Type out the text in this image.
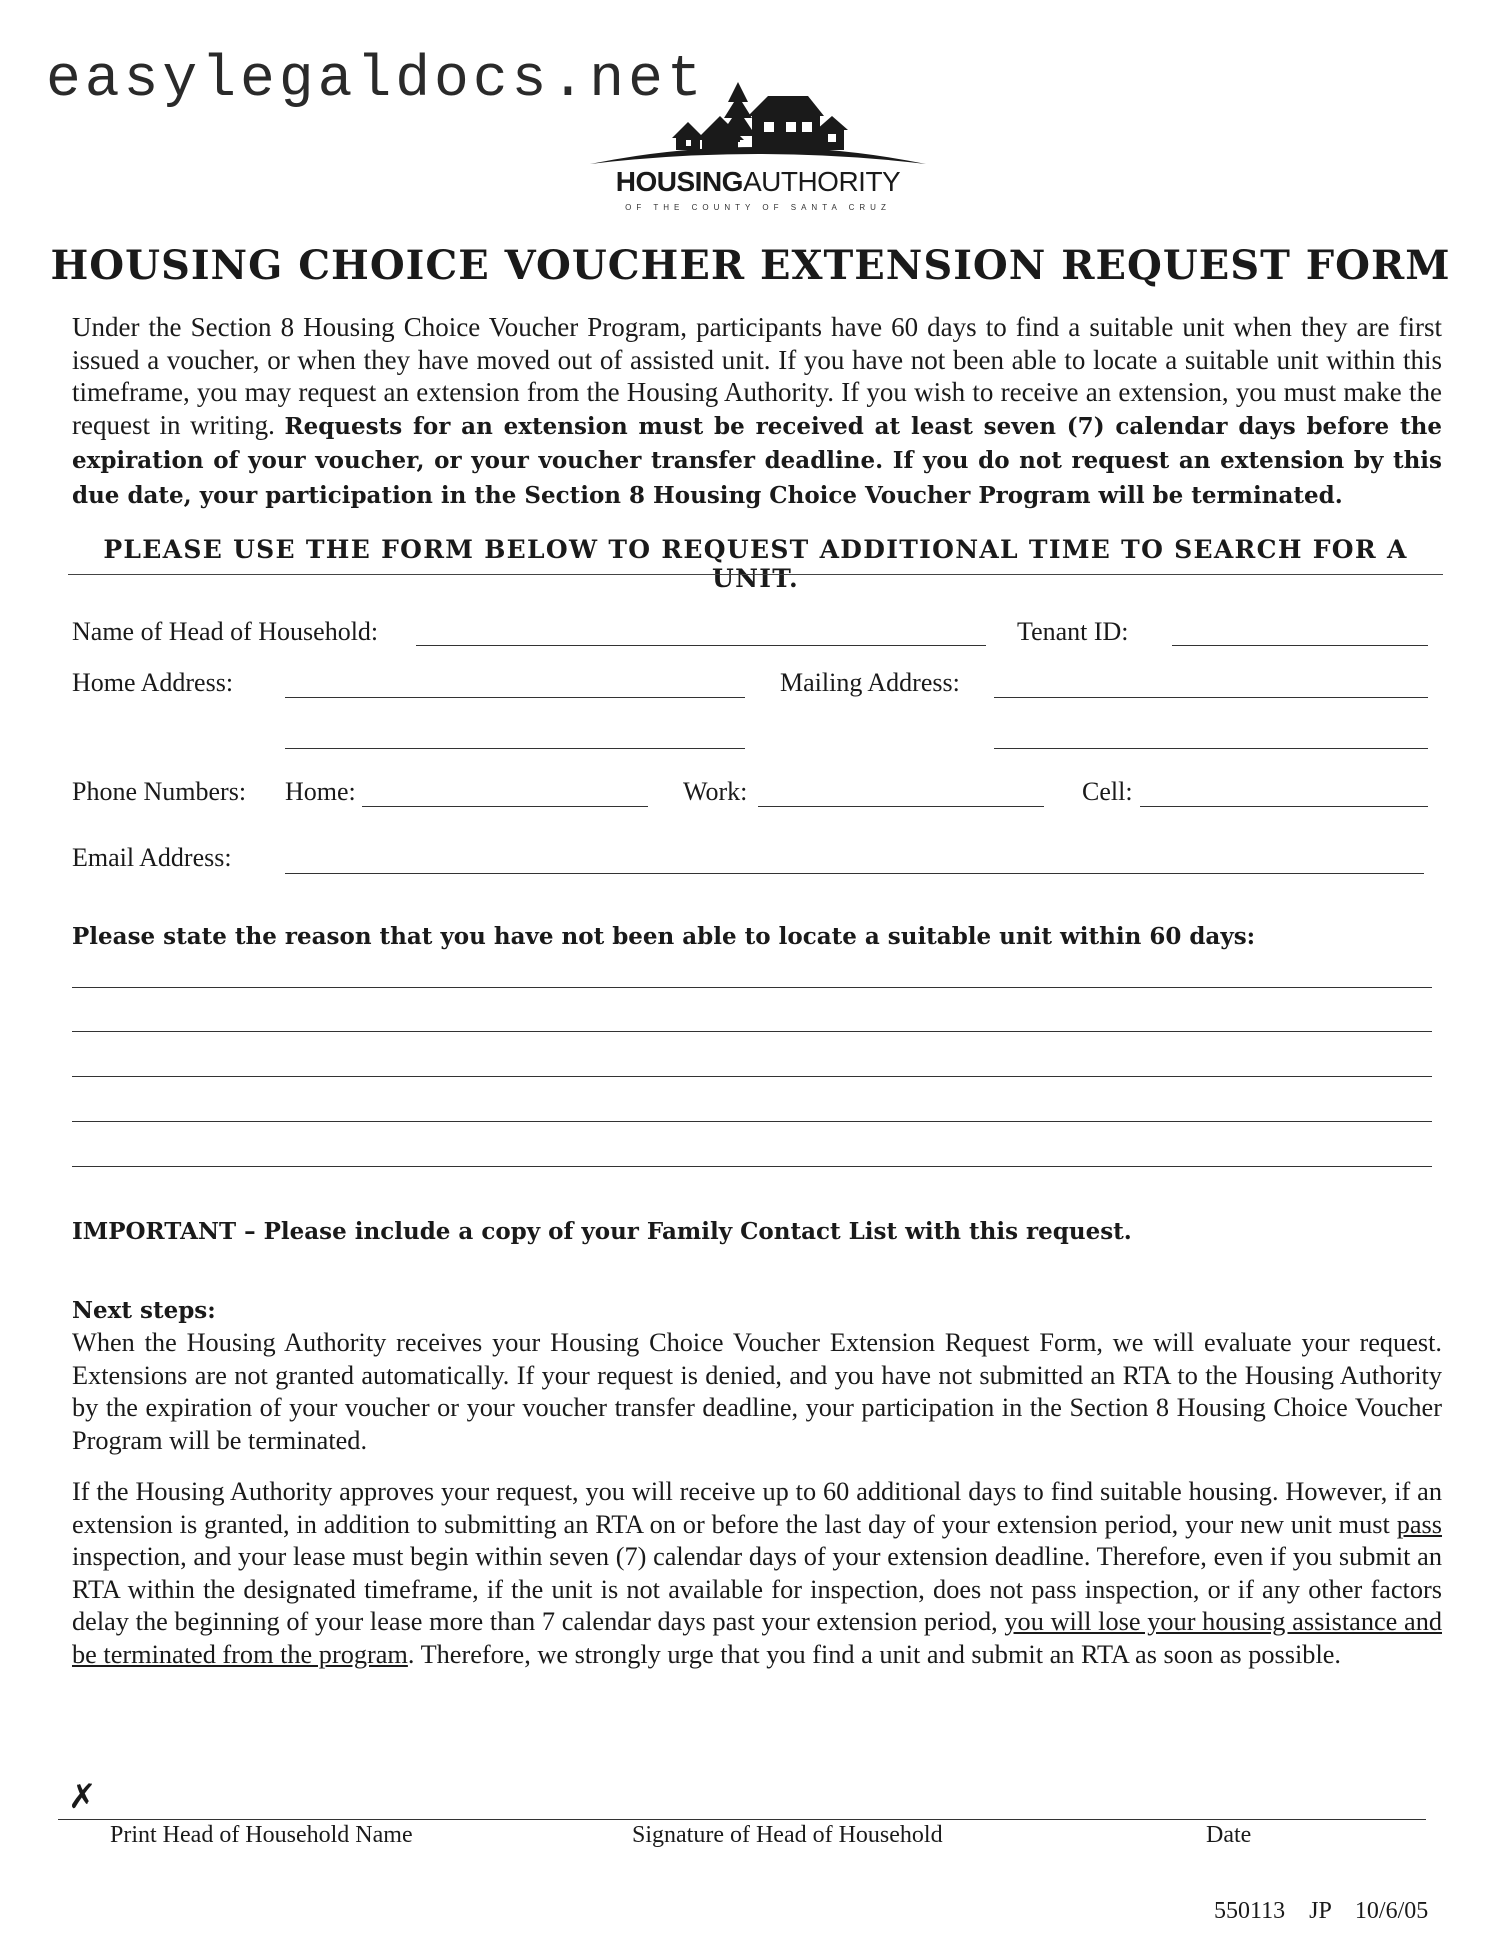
easylegaldocs.net
HOUSINGAUTHORITY
OF THE COUNTY OF SANTA CRUZ
HOUSING CHOICE VOUCHER EXTENSION REQUEST FORM
Under the Section 8 Housing Choice Voucher Program, participants have 60 days to find a suitable unit when they are first issued a voucher, or when they have moved out of assisted unit. If you have not been able to locate a suitable unit within this timeframe, you may request an extension from the Housing Authority. If you wish to receive an extension, you must make the request in writing. Requests for an extension must be received at least seven (7) calendar days before the expiration of your voucher, or your voucher transfer deadline. If you do not request an extension by this due date, your participation in the Section 8 Housing Choice Voucher Program will be terminated.
PLEASE USE THE FORM BELOW TO REQUEST ADDITIONAL TIME TO SEARCH FOR A UNIT.
Name of Head of Household:	Tenant ID:
Home Address:	Mailing Address:
Phone Numbers: Home:	Work:	Cell:
Email Address:
Please state the reason that you have not been able to locate a suitable unit within 60 days:
IMPORTANT – Please include a copy of your Family Contact List with this request.
Next steps:
When the Housing Authority receives your Housing Choice Voucher Extension Request Form, we will evaluate your request. Extensions are not granted automatically. If your request is denied, and you have not submitted an RTA to the Housing Authority by the expiration of your voucher or your voucher transfer deadline, your participation in the Section 8 Housing Choice Voucher Program will be terminated.
If the Housing Authority approves your request, you will receive up to 60 additional days to find suitable housing. However, if an extension is granted, in addition to submitting an RTA on or before the last day of your extension period, your new unit must pass inspection, and your lease must begin within seven (7) calendar days of your extension deadline. Therefore, even if you submit an RTA within the designated timeframe, if the unit is not available for inspection, does not pass inspection, or if any other factors delay the beginning of your lease more than 7 calendar days past your extension period, you will lose your housing assistance and be terminated from the program. Therefore, we strongly urge that you find a unit and submit an RTA as soon as possible.
✗
Print Head of Household Name	Signature of Head of Household	Date
550113    JP    10/6/05
